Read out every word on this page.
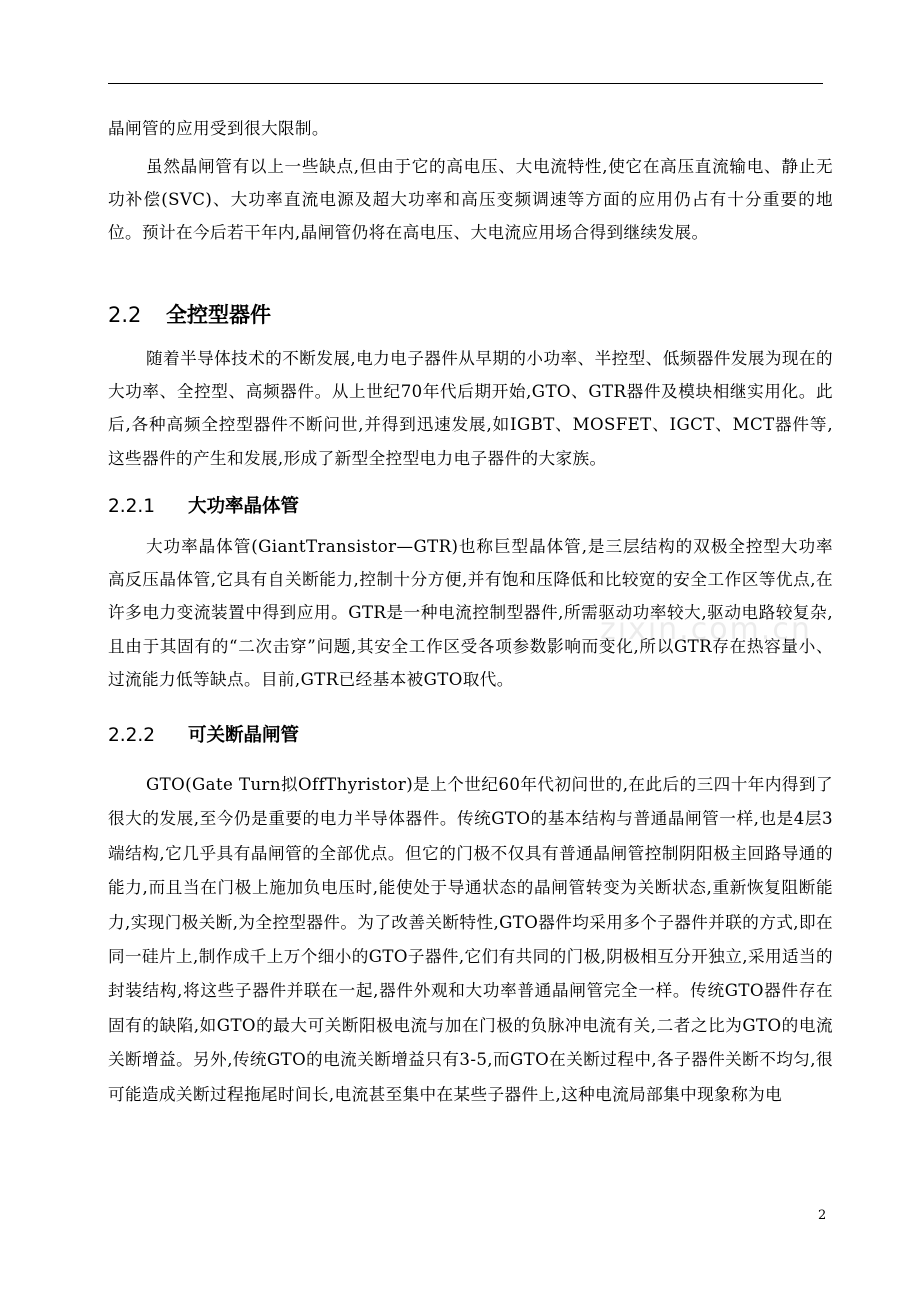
晶闸管的应用受到很大限制。

虽然晶闸管有以上一些缺点,但由于它的高电压、大电流特性,使它在高压直流输电、静止无功补偿(SVC)、大功率直流电源及超大功率和高压变频调速等方面的应用仍占有十分重要的地位。预计在今后若干年内,晶闸管仍将在高电压、大电流应用场合得到继续发展。

2.2 全控型器件

随着半导体技术的不断发展,电力电子器件从早期的小功率、半控型、低频器件发展为现在的大功率、全控型、高频器件。从上世纪70年代后期开始,GTO、GTR器件及模块相继实用化。此后,各种高频全控型器件不断问世,并得到迅速发展,如IGBT、MOSFET、IGCT、MCT器件等,这些器件的产生和发展,形成了新型全控型电力电子器件的大家族。

2.2.1 大功率晶体管

大功率晶体管(GiantTransistor—GTR)也称巨型晶体管,是三层结构的双极全控型大功率高反压晶体管,它具有自关断能力,控制十分方便,并有饱和压降低和比较宽的安全工作区等优点,在许多电力变流装置中得到应用。GTR是一种电流控制型器件,所需驱动功率较大,驱动电路较复杂,且由于其固有的“二次击穿”问题,其安全工作区受各项参数影响而变化,所以GTR存在热容量小、过流能力低等缺点。目前,GTR已经基本被GTO取代。

2.2.2 可关断晶闸管

GTO(Gate Turn拟OffThyristor)是上个世纪60年代初问世的,在此后的三四十年内得到了很大的发展,至今仍是重要的电力半导体器件。传统GTO的基本结构与普通晶闸管一样,也是4层3端结构,它几乎具有晶闸管的全部优点。但它的门极不仅具有普通晶闸管控制阴阳极主回路导通的能力,而且当在门极上施加负电压时,能使处于导通状态的晶闸管转变为关断状态,重新恢复阻断能力,实现门极关断,为全控型器件。为了改善关断特性,GTO器件均采用多个子器件并联的方式,即在同一硅片上,制作成千上万个细小的GTO子器件,它们有共同的门极,阴极相互分开独立,采用适当的封装结构,将这些子器件并联在一起,器件外观和大功率普通晶闸管完全一样。传统GTO器件存在固有的缺陷,如GTO的最大可关断阳极电流与加在门极的负脉冲电流有关,二者之比为GTO的电流关断增益。另外,传统GTO的电流关断增益只有3-5,而GTO在关断过程中,各子器件关断不均匀,很可能造成关断过程拖尾时间长,电流甚至集中在某些子器件上,这种电流局部集中现象称为电

zixin.com.cn
2
